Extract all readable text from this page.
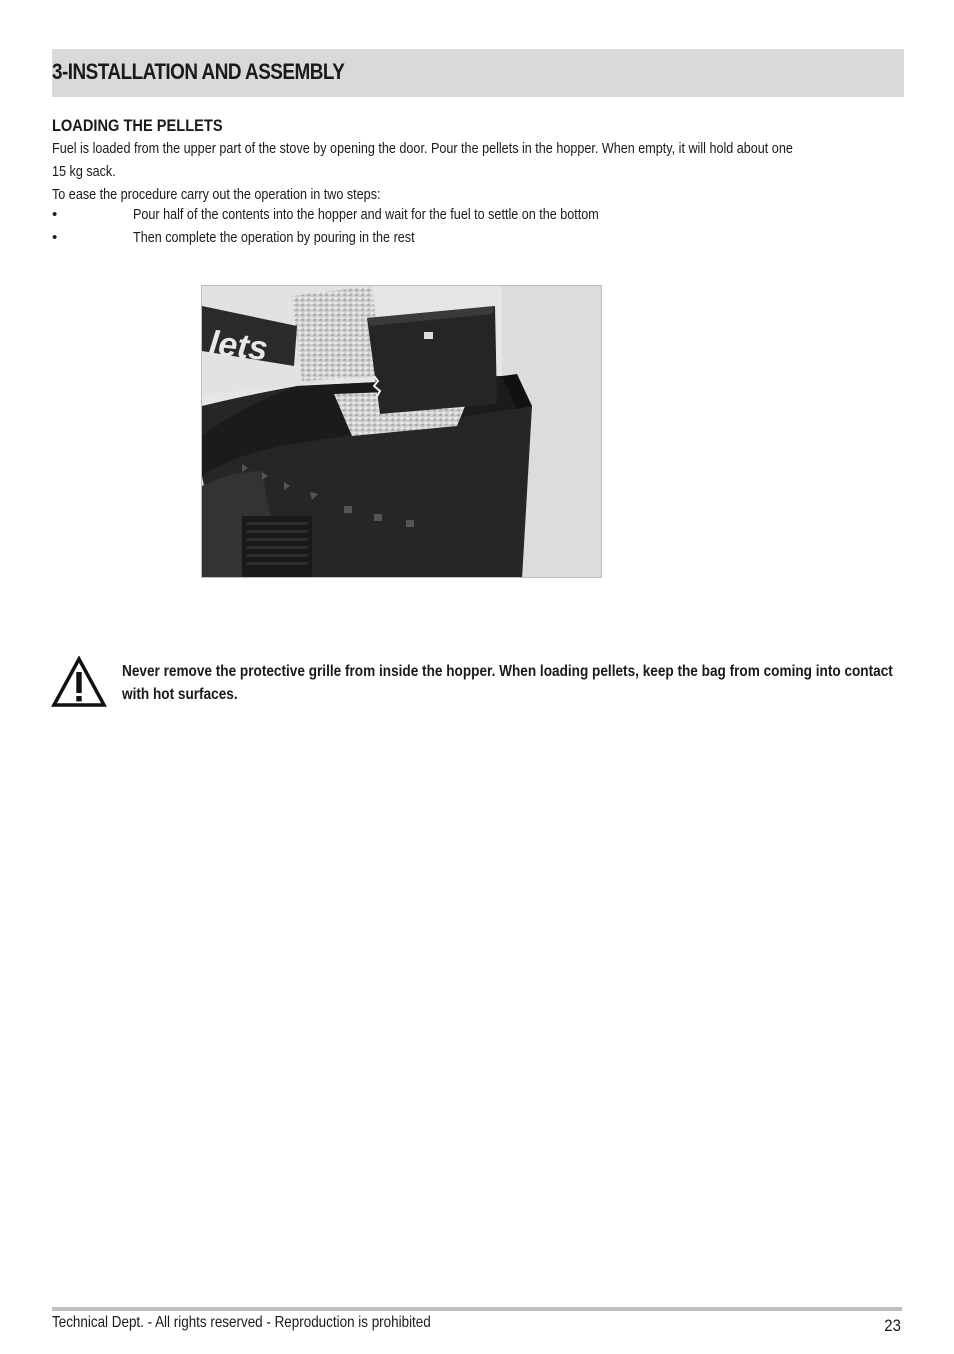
3-INSTALLATION AND ASSEMBLY
LOADING THE PELLETS
Fuel is loaded from the upper part of the stove by opening the door. Pour the pellets in the hopper. When empty, it will hold about one
15 kg sack.
To ease the procedure carry out the operation in two steps:
•	Pour half of the contents into the hopper and wait for the fuel to settle on the bottom
•	Then complete the operation by pouring in the rest
lets
Never remove the protective grille from inside the hopper. When loading pellets, keep the bag from coming into contact with hot surfaces.
Technical Dept. - All rights reserved - Reproduction is prohibited	23
